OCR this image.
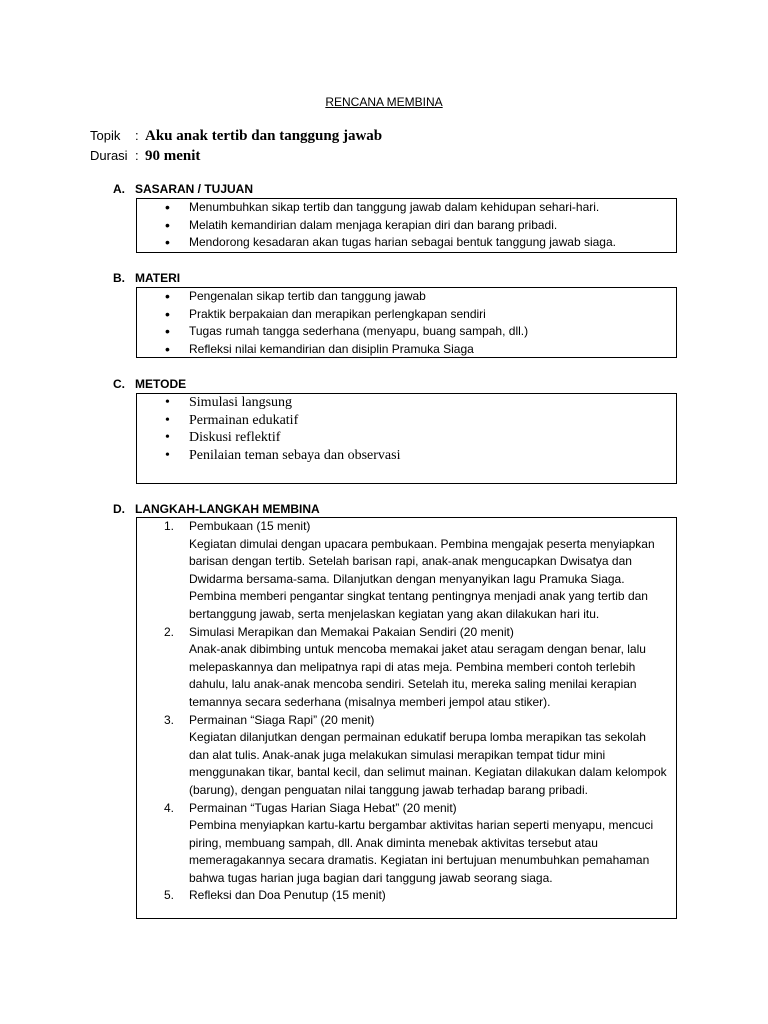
RENCANA MEMBINA
Topik	: Aku anak tertib dan tanggung jawab
Durasi : 90 menit
A. SASARAN / TUJUAN
• Menumbuhkan sikap tertib dan tanggung jawab dalam kehidupan sehari-hari.
• Melatih kemandirian dalam menjaga kerapian diri dan barang pribadi.
• Mendorong kesadaran akan tugas harian sebagai bentuk tanggung jawab siaga.
B. MATERI
• Pengenalan sikap tertib dan tanggung jawab
• Praktik berpakaian dan merapikan perlengkapan sendiri
• Tugas rumah tangga sederhana (menyapu, buang sampah, dll.)
• Refleksi nilai kemandirian dan disiplin Pramuka Siaga
C. METODE
• Simulasi langsung
• Permainan edukatif
• Diskusi reflektif
• Penilaian teman sebaya dan observasi
D. LANGKAH-LANGKAH MEMBINA
1. Pembukaan (15 menit)
Kegiatan dimulai dengan upacara pembukaan. Pembina mengajak peserta menyiapkan barisan dengan tertib. Setelah barisan rapi, anak-anak mengucapkan Dwisatya dan Dwidarma bersama-sama. Dilanjutkan dengan menyanyikan lagu Pramuka Siaga. Pembina memberi pengantar singkat tentang pentingnya menjadi anak yang tertib dan bertanggung jawab, serta menjelaskan kegiatan yang akan dilakukan hari itu.
2. Simulasi Merapikan dan Memakai Pakaian Sendiri (20 menit)
Anak-anak dibimbing untuk mencoba memakai jaket atau seragam dengan benar, lalu melepaskannya dan melipatnya rapi di atas meja. Pembina memberi contoh terlebih dahulu, lalu anak-anak mencoba sendiri. Setelah itu, mereka saling menilai kerapian temannya secara sederhana (misalnya memberi jempol atau stiker).
3. Permainan “Siaga Rapi” (20 menit)
Kegiatan dilanjutkan dengan permainan edukatif berupa lomba merapikan tas sekolah dan alat tulis. Anak-anak juga melakukan simulasi merapikan tempat tidur mini menggunakan tikar, bantal kecil, dan selimut mainan. Kegiatan dilakukan dalam kelompok (barung), dengan penguatan nilai tanggung jawab terhadap barang pribadi.
4. Permainan “Tugas Harian Siaga Hebat” (20 menit)
Pembina menyiapkan kartu-kartu bergambar aktivitas harian seperti menyapu, mencuci piring, membuang sampah, dll. Anak diminta menebak aktivitas tersebut atau memeragakannya secara dramatis. Kegiatan ini bertujuan menumbuhkan pemahaman bahwa tugas harian juga bagian dari tanggung jawab seorang siaga.
5. Refleksi dan Doa Penutup (15 menit)
